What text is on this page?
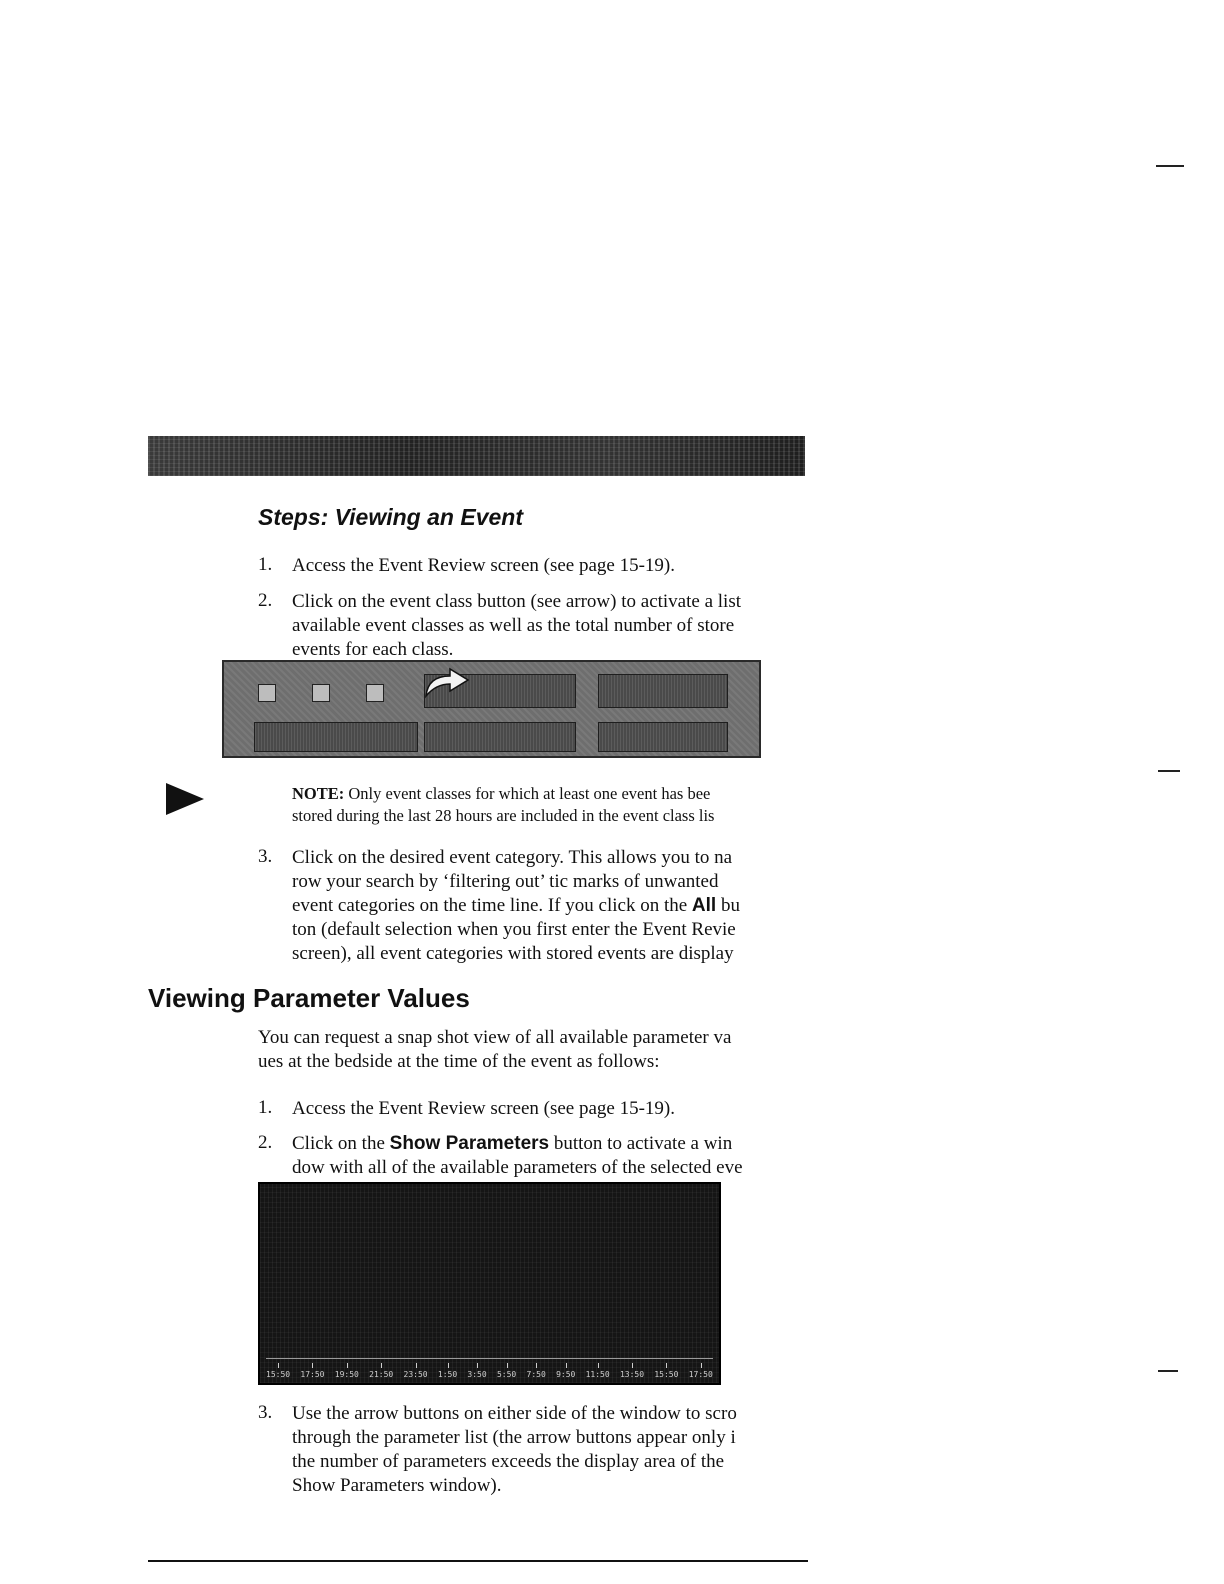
Steps: Viewing an Event
1. Access the Event Review screen (see page 15-19).
2. Click on the event class button (see arrow) to activate a list
available event classes as well as the total number of store
events for each class.
NOTE: Only event classes for which at least one event has bee
stored during the last 28 hours are included in the event class lis
3. Click on the desired event category. This allows you to na
row your search by ‘filtering out’ tic marks of unwanted
event categories on the time line. If you click on the All bu
ton (default selection when you first enter the Event Revie
screen), all event categories with stored events are display
Viewing Parameter Values
You can request a snap shot view of all available parameter va
ues at the bedside at the time of the event as follows:
1. Access the Event Review screen (see page 15-19).
2. Click on the Show Parameters button to activate a win
dow with all of the available parameters of the selected eve
15:50 17:50 19:50 21:50 23:50 1:50 3:50 5:50 7:50 9:50 11:50 13:50 15:50 17:50
3. Use the arrow buttons on either side of the window to scro
through the parameter list (the arrow buttons appear only i
the number of parameters exceeds the display area of the
Show Parameters window).
